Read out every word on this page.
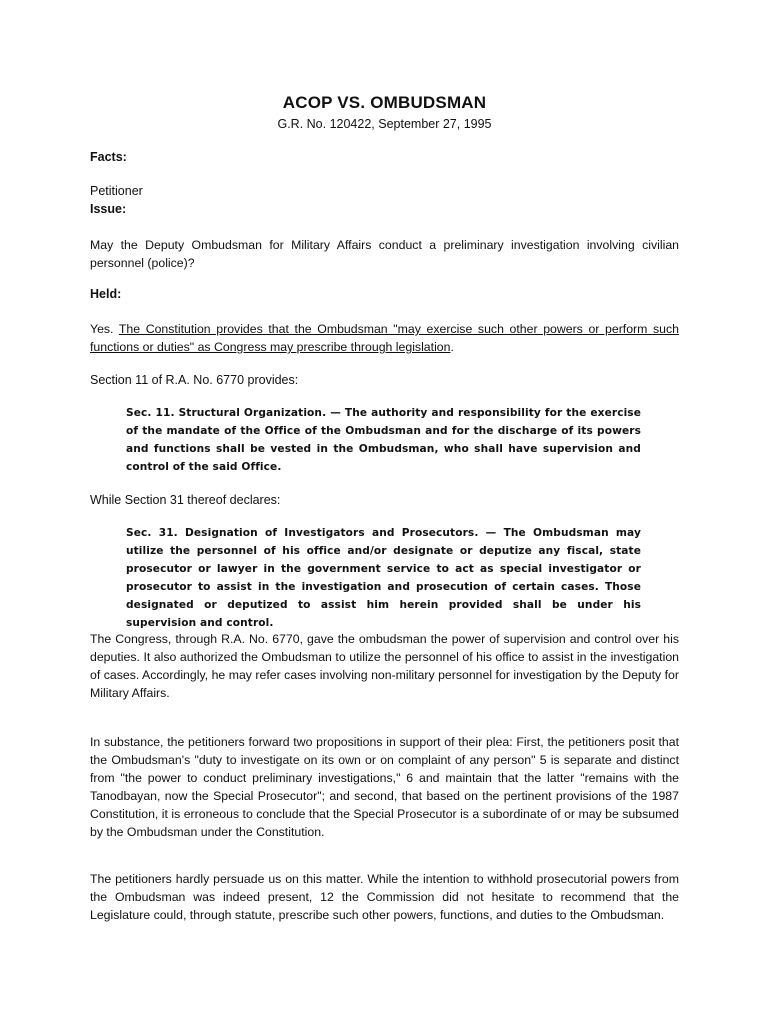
ACOP VS. OMBUDSMAN

G.R. No. 120422, September 27, 1995

Facts:

Petitioner

Issue:

May the Deputy Ombudsman for Military Affairs conduct a preliminary investigation involving civilian personnel (police)?

Held:

Yes. The Constitution provides that the Ombudsman "may exercise such other powers or perform such functions or duties" as Congress may prescribe through legislation.

Section 11 of R.A. No. 6770 provides:

Sec. 11. Structural Organization. — The authority and responsibility for the exercise of the mandate of the Office of the Ombudsman and for the discharge of its powers and functions shall be vested in the Ombudsman, who shall have supervision and control of the said Office.

While Section 31 thereof declares:

Sec. 31. Designation of Investigators and Prosecutors. — The Ombudsman may utilize the personnel of his office and/or designate or deputize any fiscal, state prosecutor or lawyer in the government service to act as special investigator or prosecutor to assist in the investigation and prosecution of certain cases. Those designated or deputized to assist him herein provided shall be under his supervision and control.

The Congress, through R.A. No. 6770, gave the ombudsman the power of supervision and control over his deputies. It also authorized the Ombudsman to utilize the personnel of his office to assist in the investigation of cases. Accordingly, he may refer cases involving non-military personnel for investigation by the Deputy for Military Affairs.

In substance, the petitioners forward two propositions in support of their plea: First, the petitioners posit that the Ombudsman's "duty to investigate on its own or on complaint of any person" 5 is separate and distinct from "the power to conduct preliminary investigations," 6 and maintain that the latter "remains with the Tanodbayan, now the Special Prosecutor"; and second, that based on the pertinent provisions of the 1987 Constitution, it is erroneous to conclude that the Special Prosecutor is a subordinate of or may be subsumed by the Ombudsman under the Constitution.

The petitioners hardly persuade us on this matter. While the intention to withhold prosecutorial powers from the Ombudsman was indeed present, 12 the Commission did not hesitate to recommend that the Legislature could, through statute, prescribe such other powers, functions, and duties to the Ombudsman.
